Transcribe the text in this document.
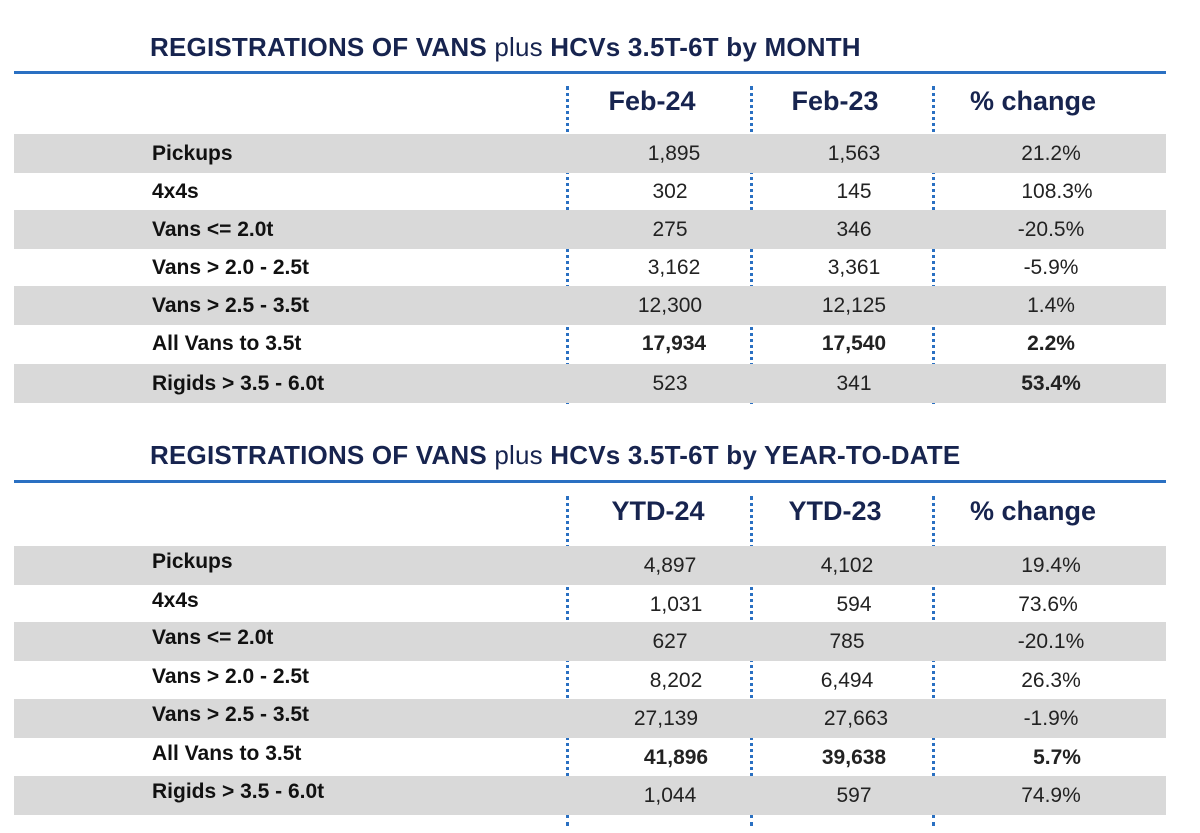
REGISTRATIONS OF VANS plus HCVs 3.5T-6T by MONTH
Feb-24	Feb-23	% change
Pickups	1,895	1,563	21.2%
4x4s	302	145	108.3%
Vans <= 2.0t	275	346	-20.5%
Vans > 2.0 - 2.5t	3,162	3,361	-5.9%
Vans > 2.5 - 3.5t	12,300	12,125	1.4%
All Vans to 3.5t	17,934	17,540	2.2%
Rigids > 3.5 - 6.0t	523	341	53.4%
REGISTRATIONS OF VANS plus HCVs 3.5T-6T by YEAR-TO-DATE
YTD-24	YTD-23	% change
Pickups	4,897	4,102	19.4%
4x4s	1,031	594	73.6%
Vans <= 2.0t	627	785	-20.1%
Vans > 2.0 - 2.5t	8,202	6,494	26.3%
Vans > 2.5 - 3.5t	27,139	27,663	-1.9%
All Vans to 3.5t	41,896	39,638	5.7%
Rigids > 3.5 - 6.0t	1,044	597	74.9%
